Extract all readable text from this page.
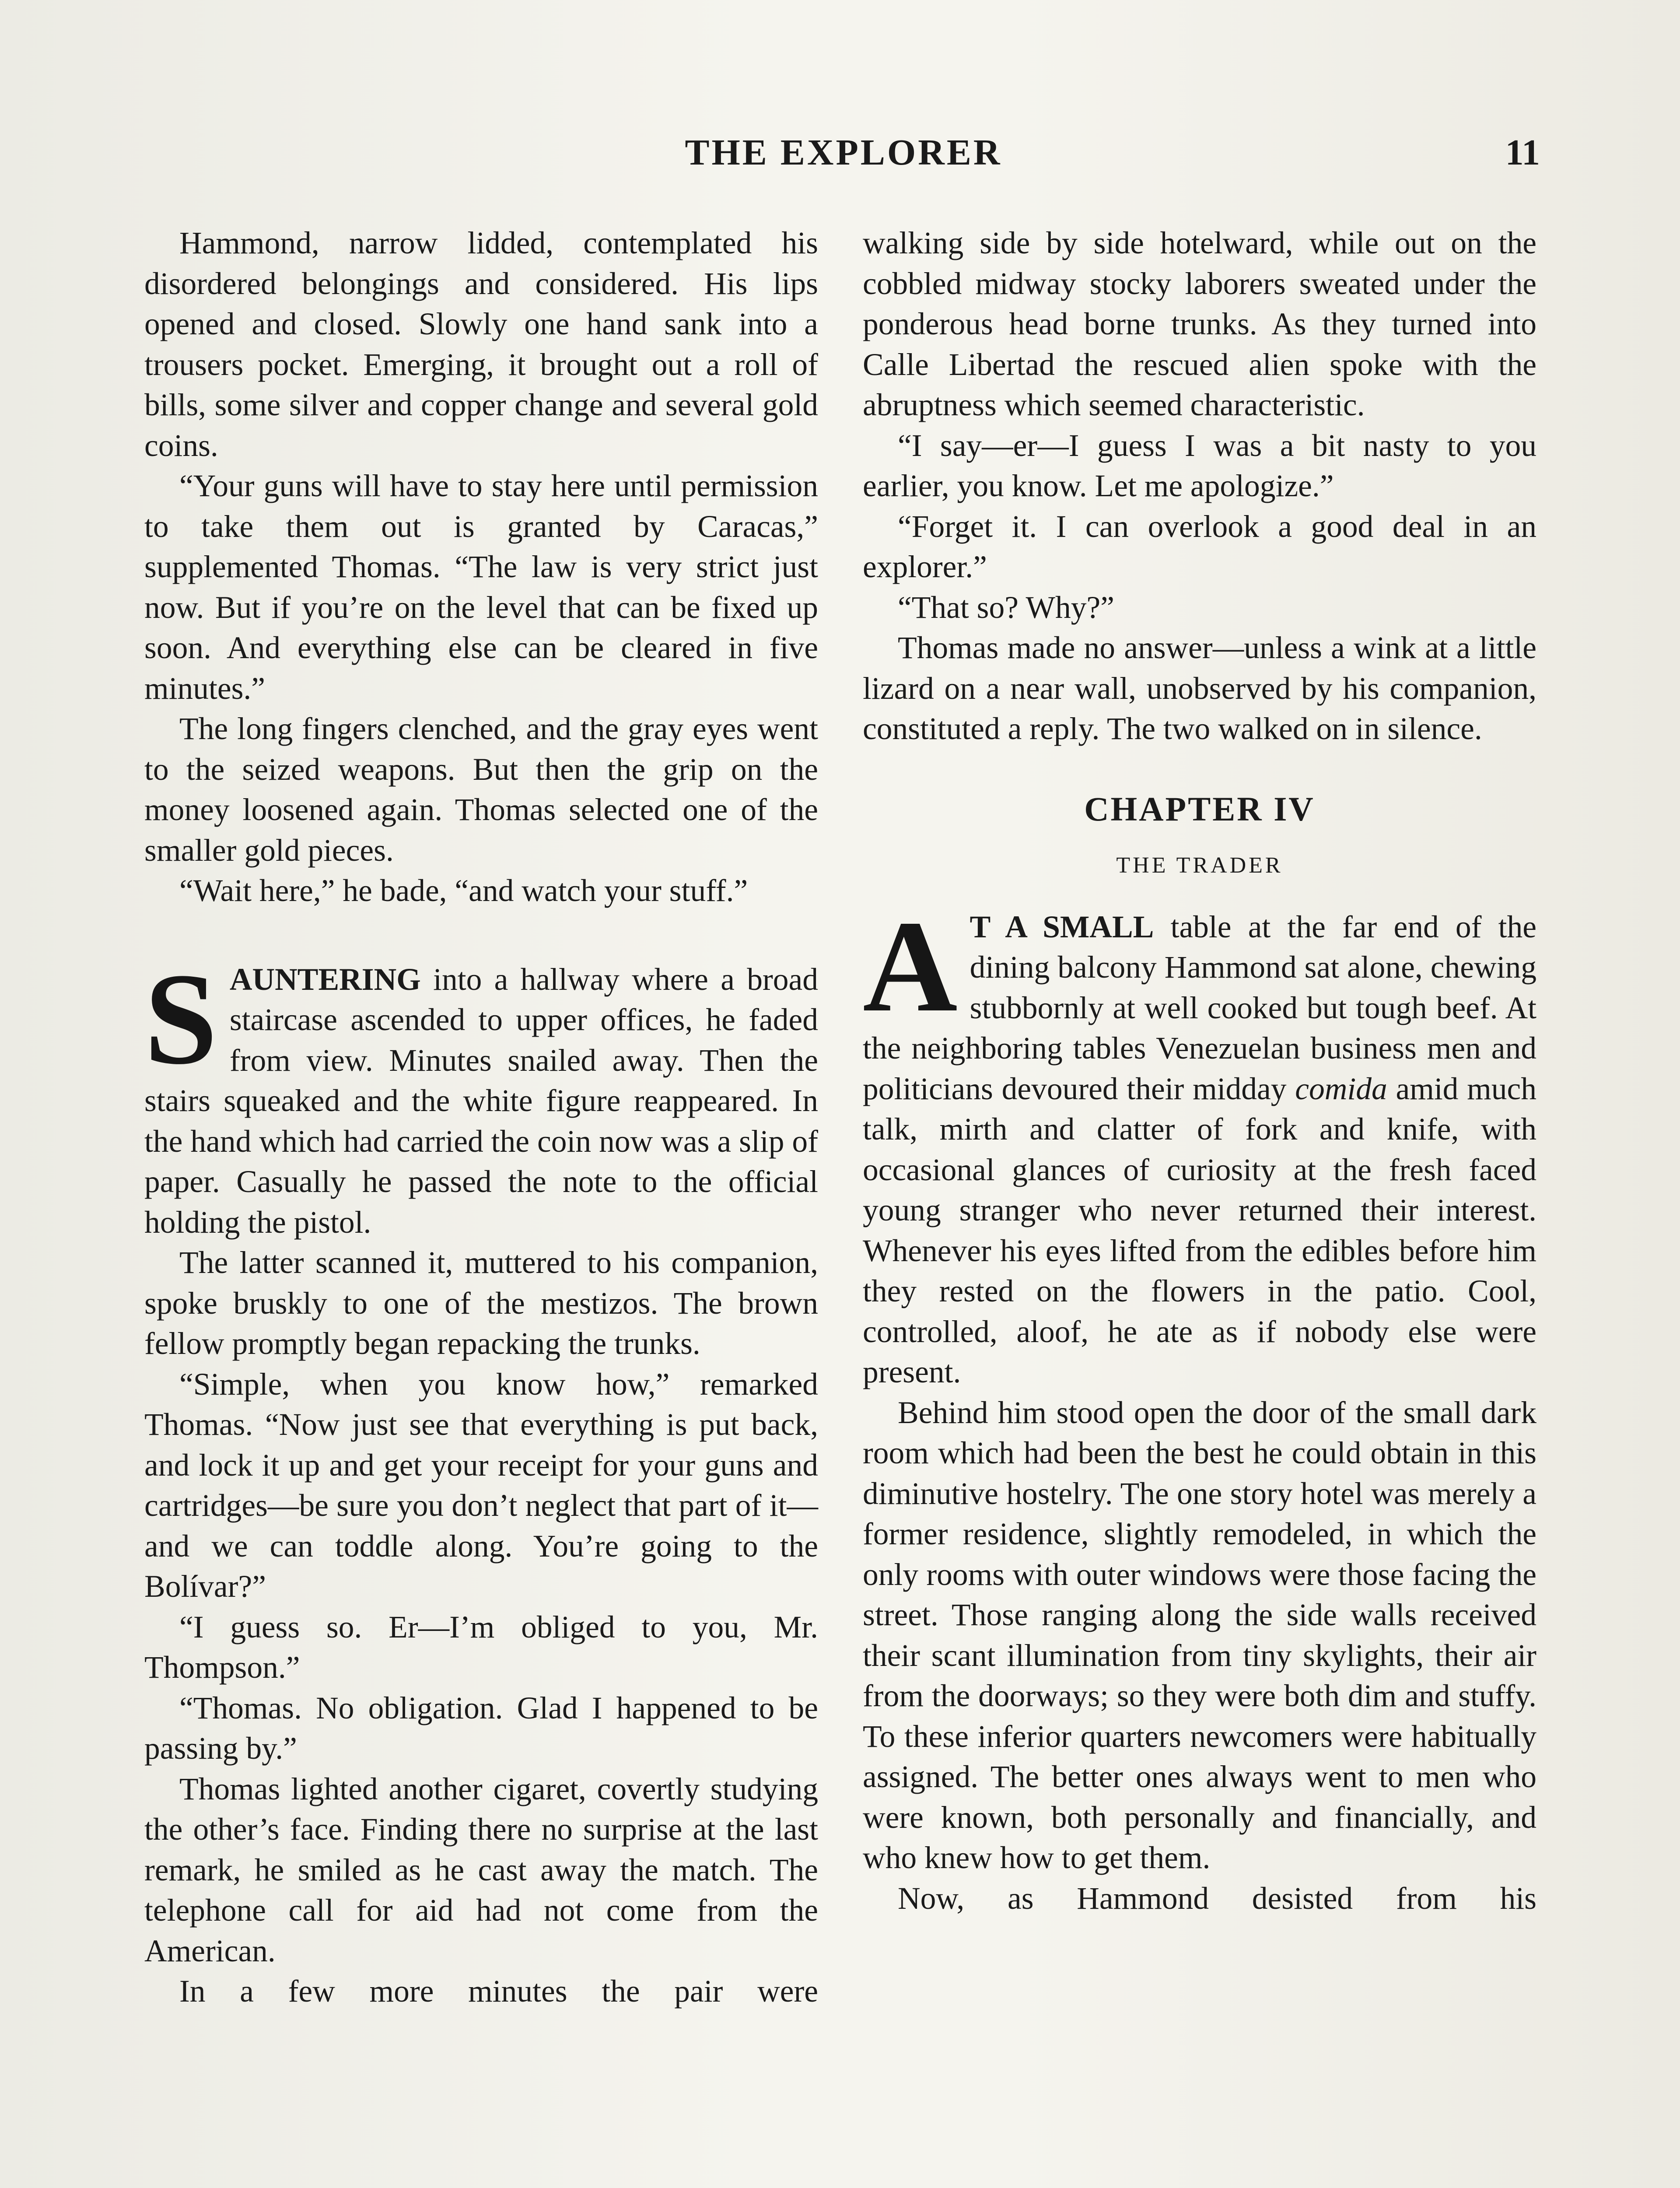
THE EXPLORER	11

Hammond, narrow lidded, contemplated his disordered belongings and considered. His lips opened and closed. Slowly one hand sank into a trousers pocket. Emerging, it brought out a roll of bills, some silver and copper change and several gold coins.

“Your guns will have to stay here until permission to take them out is granted by Caracas,” supplemented Thomas. “The law is very strict just now. But if you’re on the level that can be fixed up soon. And everything else can be cleared in five minutes.”

The long fingers clenched, and the gray eyes went to the seized weapons. But then the grip on the money loosened again. Thomas selected one of the smaller gold pieces.

“Wait here,” he bade, “and watch your stuff.”

SAUNTERING into a hallway where a broad staircase ascended to upper offices, he faded from view. Minutes snailed away. Then the stairs squeaked and the white figure reappeared. In the hand which had carried the coin now was a slip of paper. Casually he passed the note to the official holding the pistol.

The latter scanned it, muttered to his companion, spoke bruskly to one of the mestizos. The brown fellow promptly began repacking the trunks.

“Simple, when you know how,” remarked Thomas. “Now just see that everything is put back, and lock it up and get your receipt for your guns and cartridges—be sure you don’t neglect that part of it—and we can toddle along. You’re going to the Bolívar?”

“I guess so. Er—I’m obliged to you, Mr. Thompson.”

“Thomas. No obligation. Glad I happened to be passing by.”

Thomas lighted another cigaret, covertly studying the other’s face. Finding there no surprise at the last remark, he smiled as he cast away the match. The telephone call for aid had not come from the American.

In a few more minutes the pair were

walking side by side hotelward, while out on the cobbled midway stocky laborers sweated under the ponderous head borne trunks. As they turned into Calle Libertad the rescued alien spoke with the abruptness which seemed characteristic.

“I say—er—I guess I was a bit nasty to you earlier, you know. Let me apologize.”

“Forget it. I can overlook a good deal in an explorer.”

“That so? Why?”

Thomas made no answer—unless a wink at a little lizard on a near wall, unobserved by his companion, constituted a reply. The two walked on in silence.

CHAPTER IV
THE TRADER

A T A SMALL table at the far end of the dining balcony Hammond sat alone, chewing stubbornly at well cooked but tough beef. At the neighboring tables Venezuelan business men and politicians devoured their midday comida amid much talk, mirth and clatter of fork and knife, with occasional glances of curiosity at the fresh faced young stranger who never returned their interest. Whenever his eyes lifted from the edibles before him they rested on the flowers in the patio. Cool, controlled, aloof, he ate as if nobody else were present.

Behind him stood open the door of the small dark room which had been the best he could obtain in this diminutive hostelry. The one story hotel was merely a former residence, slightly remodeled, in which the only rooms with outer windows were those facing the street. Those ranging along the side walls received their scant illumination from tiny skylights, their air from the doorways; so they were both dim and stuffy. To these inferior quarters newcomers were habitually assigned. The better ones always went to men who were known, both personally and financially, and who knew how to get them.

Now, as Hammond desisted from his
